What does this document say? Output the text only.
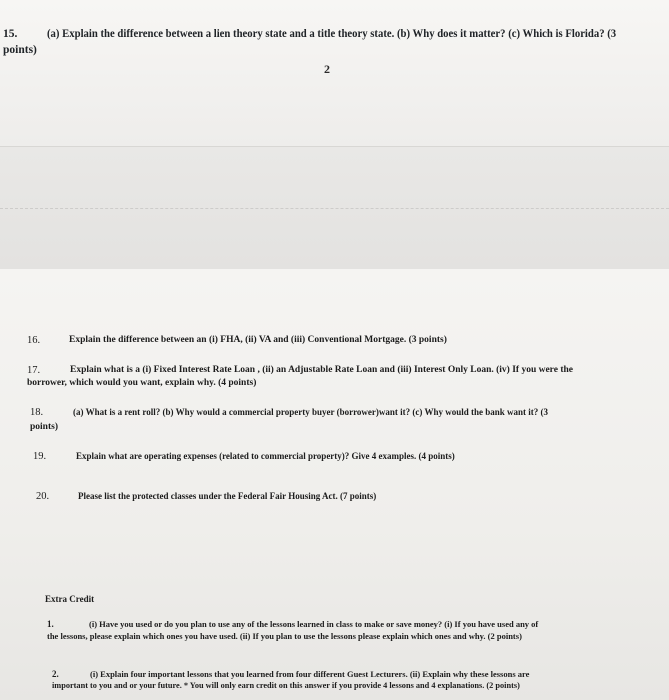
15.	(a) Explain the difference between a lien theory state and a title theory state. (b) Why does it matter? (c) Which is Florida? (3
points)
2
16.	Explain the difference between an (i) FHA, (ii) VA and (iii) Conventional Mortgage. (3 points)
17.	Explain what is a (i) Fixed Interest Rate Loan , (ii) an Adjustable Rate Loan and (iii) Interest Only Loan. (iv) If you were the
borrower, which would you want, explain why. (4 points)
18.	(a) What is a rent roll? (b) Why would a commercial property buyer (borrower)want it? (c) Why would the bank want it? (3
points)
19.	Explain what are operating expenses (related to commercial property)? Give 4 examples. (4 points)
20.	Please list the protected classes under the Federal Fair Housing Act. (7 points)
Extra Credit
1.	(i) Have you used or do you plan to use any of the lessons learned in class to make or save money? (i) If you have used any of
the lessons, please explain which ones you have used. (ii) If you plan to use the lessons please explain which ones and why. (2 points)
2.	(i) Explain four important lessons that you learned from four different Guest Lecturers. (ii) Explain why these lessons are
important to you and or your future. * You will only earn credit on this answer if you provide 4 lessons and 4 explanations. (2 points)
